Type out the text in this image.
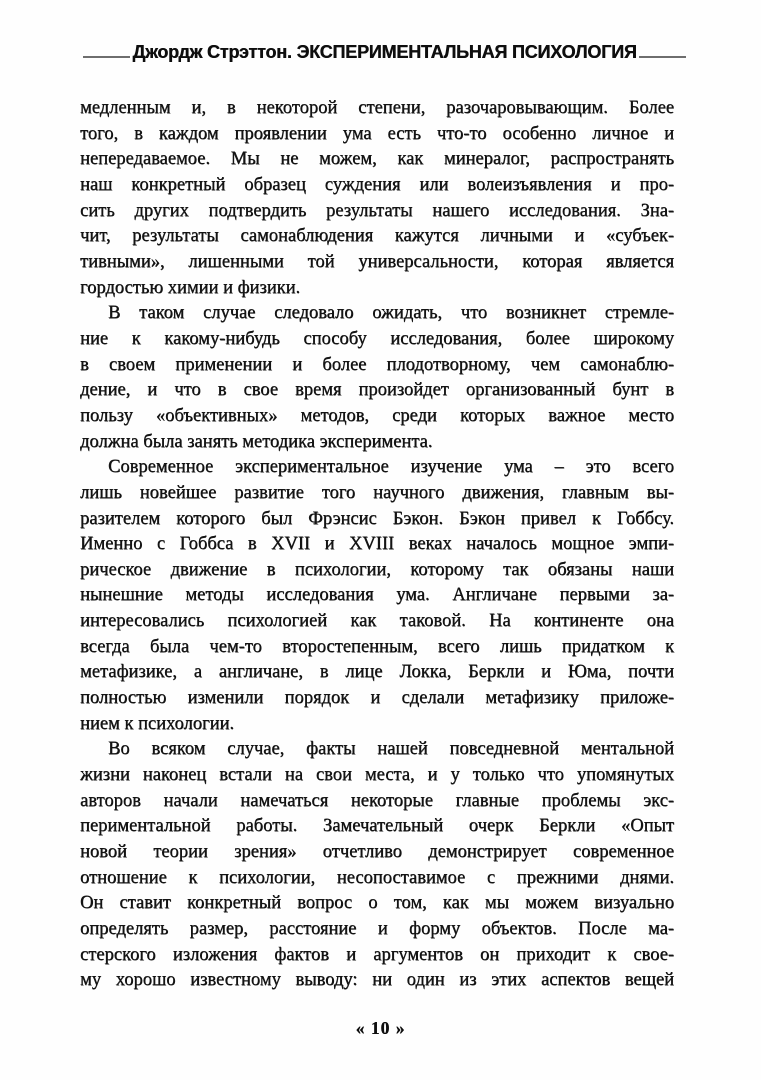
Джордж Стрэттон. ЭКСПЕРИМЕНТАЛЬНАЯ ПСИХОЛОГИЯ
медленным и, в некоторой степени, разочаровывающим. Более
того, в каждом проявлении ума есть что-то особенно личное и
непередаваемое. Мы не можем, как минералог, распространять
наш конкретный образец суждения или волеизъявления и про-
сить других подтвердить результаты нашего исследования. Зна-
чит, результаты самонаблюдения кажутся личными и «субъек-
тивными», лишенными той универсальности, которая является
гордостью химии и физики.
В таком случае следовало ожидать, что возникнет стремле-
ние к какому-нибудь способу исследования, более широкому
в своем применении и более плодотворному, чем самонаблю-
дение, и что в свое время произойдет организованный бунт в
пользу «объективных» методов, среди которых важное место
должна была занять методика эксперимента.
Современное экспериментальное изучение ума – это всего
лишь новейшее развитие того научного движения, главным вы-
разителем которого был Фрэнсис Бэкон. Бэкон привел к Гоббсу.
Именно с Гоббса в XVII и XVIII веках началось мощное эмпи-
рическое движение в психологии, которому так обязаны наши
нынешние методы исследования ума. Англичане первыми за-
интересовались психологией как таковой. На континенте она
всегда была чем-то второстепенным, всего лишь придатком к
метафизике, а англичане, в лице Локка, Беркли и Юма, почти
полностью изменили порядок и сделали метафизику приложе-
нием к психологии.
Во всяком случае, факты нашей повседневной ментальной
жизни наконец встали на свои места, и у только что упомянутых
авторов начали намечаться некоторые главные проблемы экс-
периментальной работы. Замечательный очерк Беркли «Опыт
новой теории зрения» отчетливо демонстрирует современное
отношение к психологии, несопоставимое с прежними днями.
Он ставит конкретный вопрос о том, как мы можем визуально
определять размер, расстояние и форму объектов. После ма-
стерского изложения фактов и аргументов он приходит к свое-
му хорошо известному выводу: ни один из этих аспектов вещей
« 10 »
